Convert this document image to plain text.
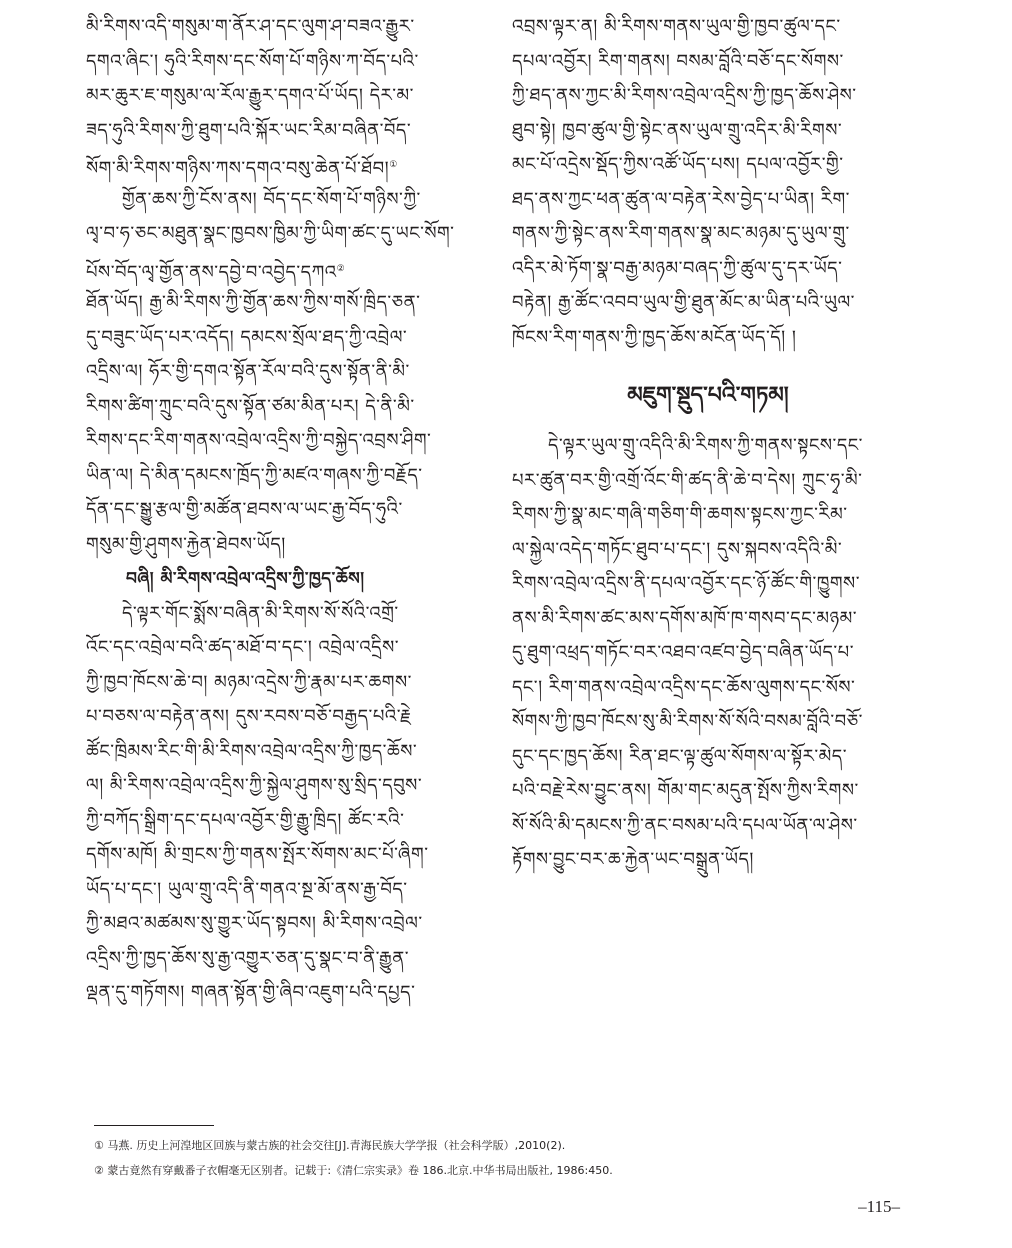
མི་རིགས་འདི་གསུམ་ག་ནོར་ཤ་དང་ལུག་ཤ་བཟའ་རྒྱུར་
དགའ་ཞིང་། ཧུའི་རིགས་དང་སོག་པོ་གཉིས་ཀ་བོད་པའི་
མར་ཆུར་ཇ་གསུམ་ལ་རོལ་རྒྱུར་དགའ་པོ་ཡོད། དེར་མ་
ཟད་ཧུའི་རིགས་ཀྱི་ཐུག་པའི་སྐོར་ཡང་རིམ་བཞིན་བོད་
སོག་མི་རིགས་གཉིས་ཀས་དགའ་བསུ་ཆེན་པོ་ཐོབ།①
གྱོན་ཆས་ཀྱི་ངོས་ནས། བོད་དང་སོག་པོ་གཉིས་ཀྱི་
ལྭ་བ་ཧ་ཅང་མཐུན་སྣང་ཁྱབས་ཁྱིམ་ཀྱི་ཡིག་ཚང་དུ་ཡང་སོག་
པོས་བོད་ལྭ་གྱོན་ནས་དབྱེ་བ་འབྱེད་དཀའ②
ཐོན་ཡོད། རྒྱ་མི་རིགས་ཀྱི་གྱོན་ཆས་ཀྱིས་གསོ་ཁྲིད་ཅན་
དུ་བཟུང་ཡོད་པར་འདོད། དམངས་སྲོལ་ཐད་ཀྱི་འབྲེལ་
འདྲིས་ལ། ཧོར་གྱི་དགའ་སྟོན་རོལ་བའི་དུས་སྟོན་ནི་མི་
རིགས་ཚིག་ཀྲུང་བའི་དུས་སྟོན་ཙམ་མིན་པར། དེ་ནི་མི་
རིགས་དང་རིག་གནས་འབྲེལ་འདྲིས་ཀྱི་བསྐྱེད་འབྲས་ཤིག་
ཡིན་ལ། དེ་མིན་དམངས་ཁྲོད་ཀྱི་མཛའ་གཞས་ཀྱི་བརྗོད་
དོན་དང་སྒྱུ་རྩལ་གྱི་མཚོན་ཐབས་ལ་ཡང་རྒྱ་བོད་ཧུའི་
གསུམ་གྱི་ཤུགས་རྐྱེན་ཐེབས་ཡོད།
བཞི། མི་རིགས་འབྲེལ་འདྲིས་ཀྱི་ཁྱད་ཆོས།
དེ་ལྟར་གོང་སྨོས་བཞིན་མི་རིགས་སོ་སོའི་འགྲོ་
འོང་དང་འབྲེལ་བའི་ཚད་མཐོ་བ་དང་། འབྲེལ་འདྲིས་
ཀྱི་ཁྱབ་ཁོངས་ཆེ་བ། མཉམ་འདྲེས་ཀྱི་རྣམ་པར་ཆགས་
པ་བཅས་ལ་བརྟེན་ནས། དུས་རབས་བཅོ་བརྒྱད་པའི་རྗེ
ཚོང་ཁྲིམས་རིང་གི་མི་རིགས་འབྲེལ་འདྲིས་ཀྱི་ཁྱད་ཆོས་
ལ། མི་རིགས་འབྲེལ་འདྲིས་ཀྱི་སྐྱེལ་ཤུགས་སུ་སྲིད་དབུས་
ཀྱི་བཀོད་སྒྲིག་དང་དཔལ་འབྱོར་གྱི་རྒྱུ་ཁྲིད། ཚོང་རའི་
དགོས་མཁོ། མི་གྲངས་ཀྱི་གནས་སྤོར་སོགས་མང་པོ་ཞིག་
ཡོད་པ་དང་། ཡུལ་གྲུ་འདི་ནི་གནའ་སྔ་མོ་ནས་རྒྱ་བོད་
ཀྱི་མཐའ་མཚམས་སུ་གྱུར་ཡོད་སྟབས། མི་རིགས་འབྲེལ་
འདྲིས་ཀྱི་ཁྱད་ཆོས་སུ་རྒྱ་འགྱུར་ཅན་དུ་སྣང་བ་ནི་རྒྱུན་
ལྡན་དུ་གཏོགས། གཞན་སྟོན་གྱི་ཞིབ་འཇུག་པའི་དཔྱད་
འབྲས་ལྟར་ན། མི་རིགས་གནས་ཡུལ་གྱི་ཁྱབ་ཚུལ་དང་
དཔལ་འབྱོར། རིག་གནས། བསམ་བློའི་བཅོ་དང་སོགས་
ཀྱི་ཐད་ནས་ཀྱང་མི་རིགས་འབྲེལ་འདྲིས་ཀྱི་ཁྱད་ཆོས་ཤེས་
ཐུབ་སྟེ། ཁྱབ་ཚུལ་གྱི་སྟེང་ནས་ཡུལ་གྲུ་འདིར་མི་རིགས་
མང་པོ་འདྲེས་སྡོད་ཀྱིས་འཚོ་ཡོད་པས། དཔལ་འབྱོར་གྱི་
ཐད་ནས་ཀྱང་ཕན་ཚུན་ལ་བརྟེན་རེས་བྱེད་པ་ཡིན། རིག་
གནས་ཀྱི་སྟེང་ནས་རིག་གནས་སྣ་མང་མཉམ་དུ་ཡུལ་གྲུ་
འདིར་མེ་ཏོག་སྣ་བརྒྱ་མཉམ་བཞད་ཀྱི་ཚུལ་དུ་དར་ཡོད་
བརྟེན། རྒྱ་ཚོང་འབབ་ཡུལ་གྱི་ཐུན་མོང་མ་ཡིན་པའི་ཡུལ་
ཁོངས་རིག་གནས་ཀྱི་ཁྱད་ཆོས་མངོན་ཡོད་དོ། །
མཇུག་སྡུད་པའི་གཏམ།
དེ་ལྟར་ཡུལ་གྲུ་འདིའི་མི་རིགས་ཀྱི་གནས་སྟངས་དང་
པར་ཚུན་བར་གྱི་འགྲོ་འོང་གི་ཚད་ནི་ཆེ་བ་དེས། ཀྲུང་ཧྭ་མི་
རིགས་ཀྱི་སྣ་མང་གཞི་གཅིག་གི་ཆགས་སྟངས་ཀྱང་རིམ་
ལ་སྐྱེལ་འདེད་གཏོང་ཐུབ་པ་དང་། དུས་སྐབས་འདིའི་མི་
རིགས་འབྲེལ་འདྲིས་ནི་དཔལ་འབྱོར་དང་ཉོ་ཚོང་གི་ཁྱུགས་
ནས་མི་རིགས་ཚང་མས་དགོས་མཁོ་ཁ་གསབ་དང་མཉམ་
དུ་ཐུག་འཕྲད་གཏོང་བར་འཐབ་འཛབ་བྱེད་བཞིན་ཡོད་པ་
དང་། རིག་གནས་འབྲེལ་འདྲིས་དང་ཆོས་ལུགས་དང་སོས་
སོགས་ཀྱི་ཁྱབ་ཁོངས་སུ་མི་རིགས་སོ་སོའི་བསམ་བློའི་བཅོ་
དུང་དང་ཁྱད་ཆོས། རིན་ཐང་ལྟ་ཚུལ་སོགས་ལ་སྟོར་མེད་
པའི་བརྗེ་རེས་བྱུང་ནས། གོམ་གང་མདུན་སྤོས་ཀྱིས་རིགས་
སོ་སོའི་མི་དམངས་ཀྱི་ནང་བསམ་པའི་དཔལ་ཡོན་ལ་ཤེས་
རྟོགས་བྱུང་བར་ཆ་རྐྱེན་ཡང་བསྒྲུན་ཡོད།
① 马燕. 历史上河湟地区回族与蒙古族的社会交往[J].青海民族大学学报（社会科学版）,2010(2).
② 蒙古竟然有穿戴番子衣帽毫无区别者。记载于:《清仁宗实录》卷 186.北京.中华书局出版社, 1986:450.
–115–
